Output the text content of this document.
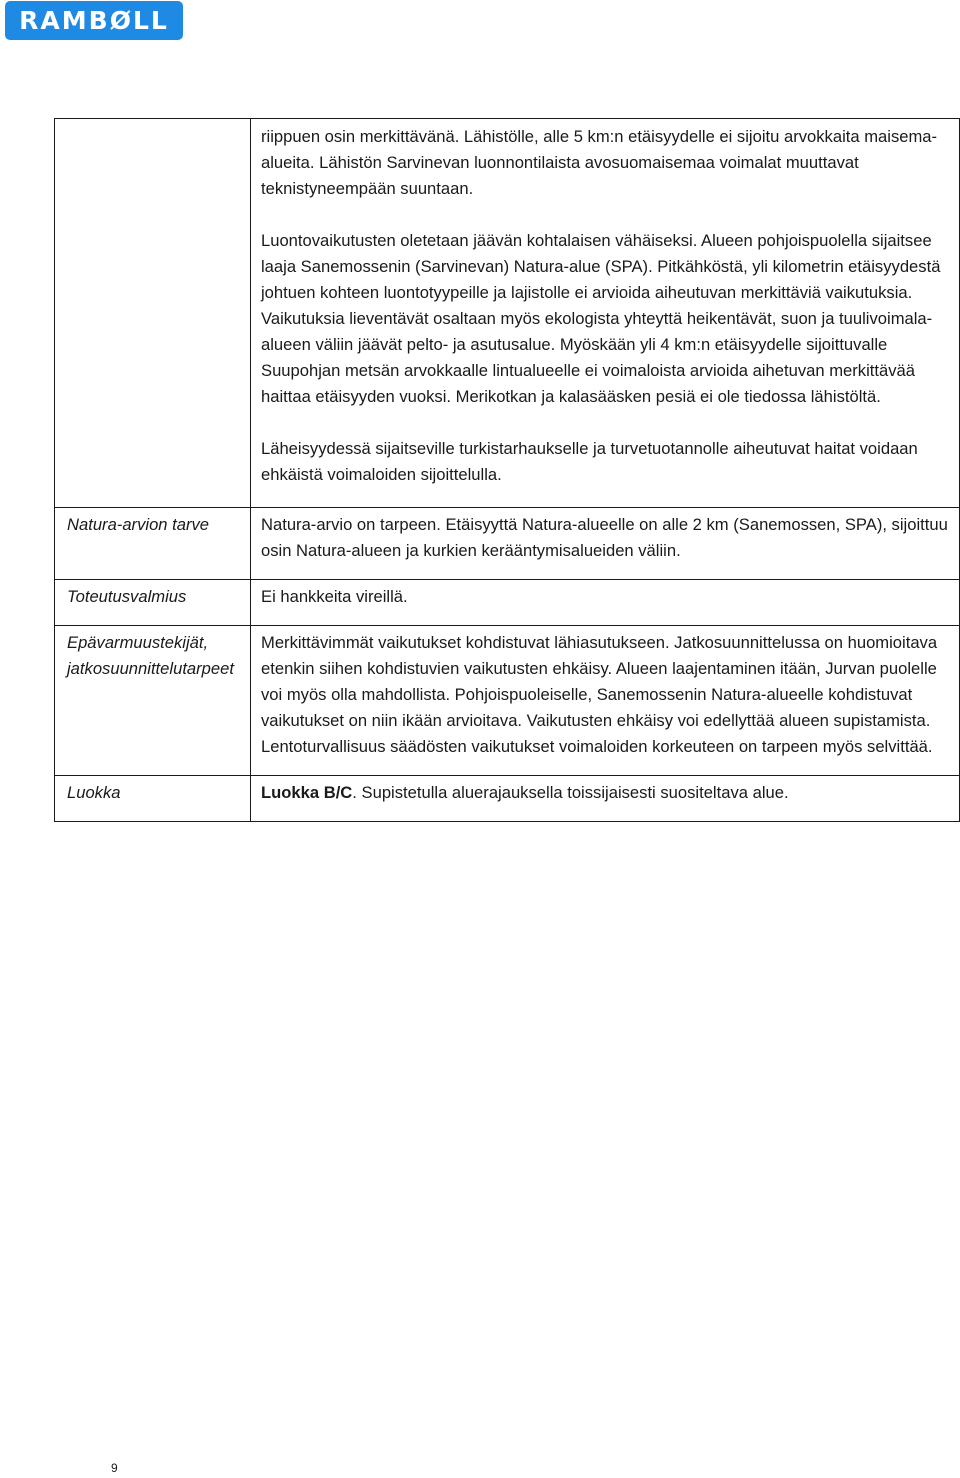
RAMBØLL

	riippuen osin merkittävänä. Lähistölle, alle 5 km:n etäisyydelle ei sijoitu arvokkaita maisema-alueita. Lähistön Sarvinevan luonnontilaista avosuomaisemaa voimalat muuttavat teknistyneempään suuntaan.

Luontovaikutusten oletetaan jäävän kohtalaisen vähäiseksi. Alueen pohjoispuolella sijaitsee laaja Sanemossenin (Sarvinevan) Natura-alue (SPA). Pitkähköstä, yli kilometrin etäisyydestä johtuen kohteen luontotyypeille ja lajistolle ei arvioida aiheutuvan merkittäviä vaikutuksia. Vaikutuksia lieventävät osaltaan myös ekologista yhteyttä heikentävät, suon ja tuulivoimala-alueen väliin jäävät pelto- ja asutusalue. Myöskään yli 4 km:n etäisyydelle sijoittuvalle Suupohjan metsän arvokkaalle lintualueelle ei voimaloista arvioida aihetuvan merkittävää haittaa etäisyyden vuoksi. Merikotkan ja kalasääsken pesiä ei ole tiedossa lähistöltä.

Läheisyydessä sijaitseville turkistarhaukselle ja turvetuotannolle aiheutuvat haitat voidaan ehkäistä voimaloiden sijoittelulla.

Natura-arvion tarve	Natura-arvio on tarpeen. Etäisyyttä Natura-alueelle on alle 2 km (Sanemossen, SPA), sijoittuu osin Natura-alueen ja kurkien kerääntymisalueiden väliin.
Toteutusvalmius	Ei hankkeita vireillä.
Epävarmuustekijät, jatkosuunnittelutarpeet	Merkittävimmät vaikutukset kohdistuvat lähiasutukseen. Jatkosuunnittelussa on huomioitava etenkin siihen kohdistuvien vaikutusten ehkäisy. Alueen laajentaminen itään, Jurvan puolelle voi myös olla mahdollista. Pohjoispuoleiselle, Sanemossenin Natura-alueelle kohdistuvat vaikutukset on niin ikään arvioitava. Vaikutusten ehkäisy voi edellyttää alueen supistamista. Lentoturvallisuus säädösten vaikutukset voimaloiden korkeuteen on tarpeen myös selvittää.
Luokka	Luokka B/C. Supistetulla aluerajauksella toissijaisesti suositeltava alue.
9
